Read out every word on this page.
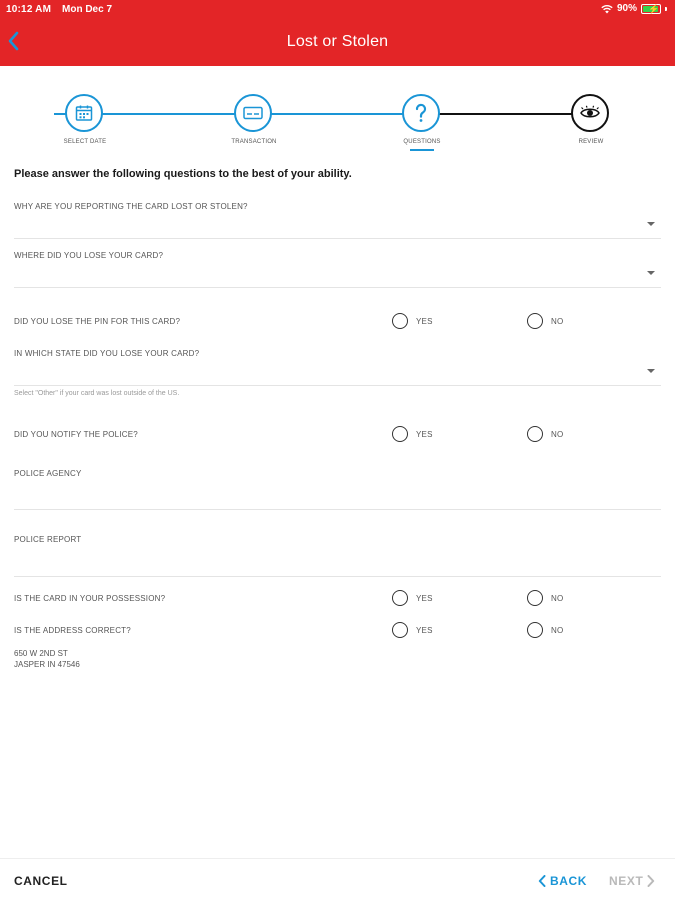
10:12 AM Mon Dec 7	90% ⚡
Lost or Stolen
SELECT DATE	TRANSACTION	QUESTIONS	REVIEW
Please answer the following questions to the best of your ability.
WHY ARE YOU REPORTING THE CARD LOST OR STOLEN?
WHERE DID YOU LOSE YOUR CARD?
DID YOU LOSE THE PIN FOR THIS CARD?	YES	NO
IN WHICH STATE DID YOU LOSE YOUR CARD?
Select "Other" if your card was lost outside of the US.
DID YOU NOTIFY THE POLICE?	YES	NO
POLICE AGENCY
POLICE REPORT
IS THE CARD IN YOUR POSSESSION?	YES	NO
IS THE ADDRESS CORRECT?	YES	NO
650 W 2ND ST
JASPER IN 47546
CANCEL	BACK NEXT
